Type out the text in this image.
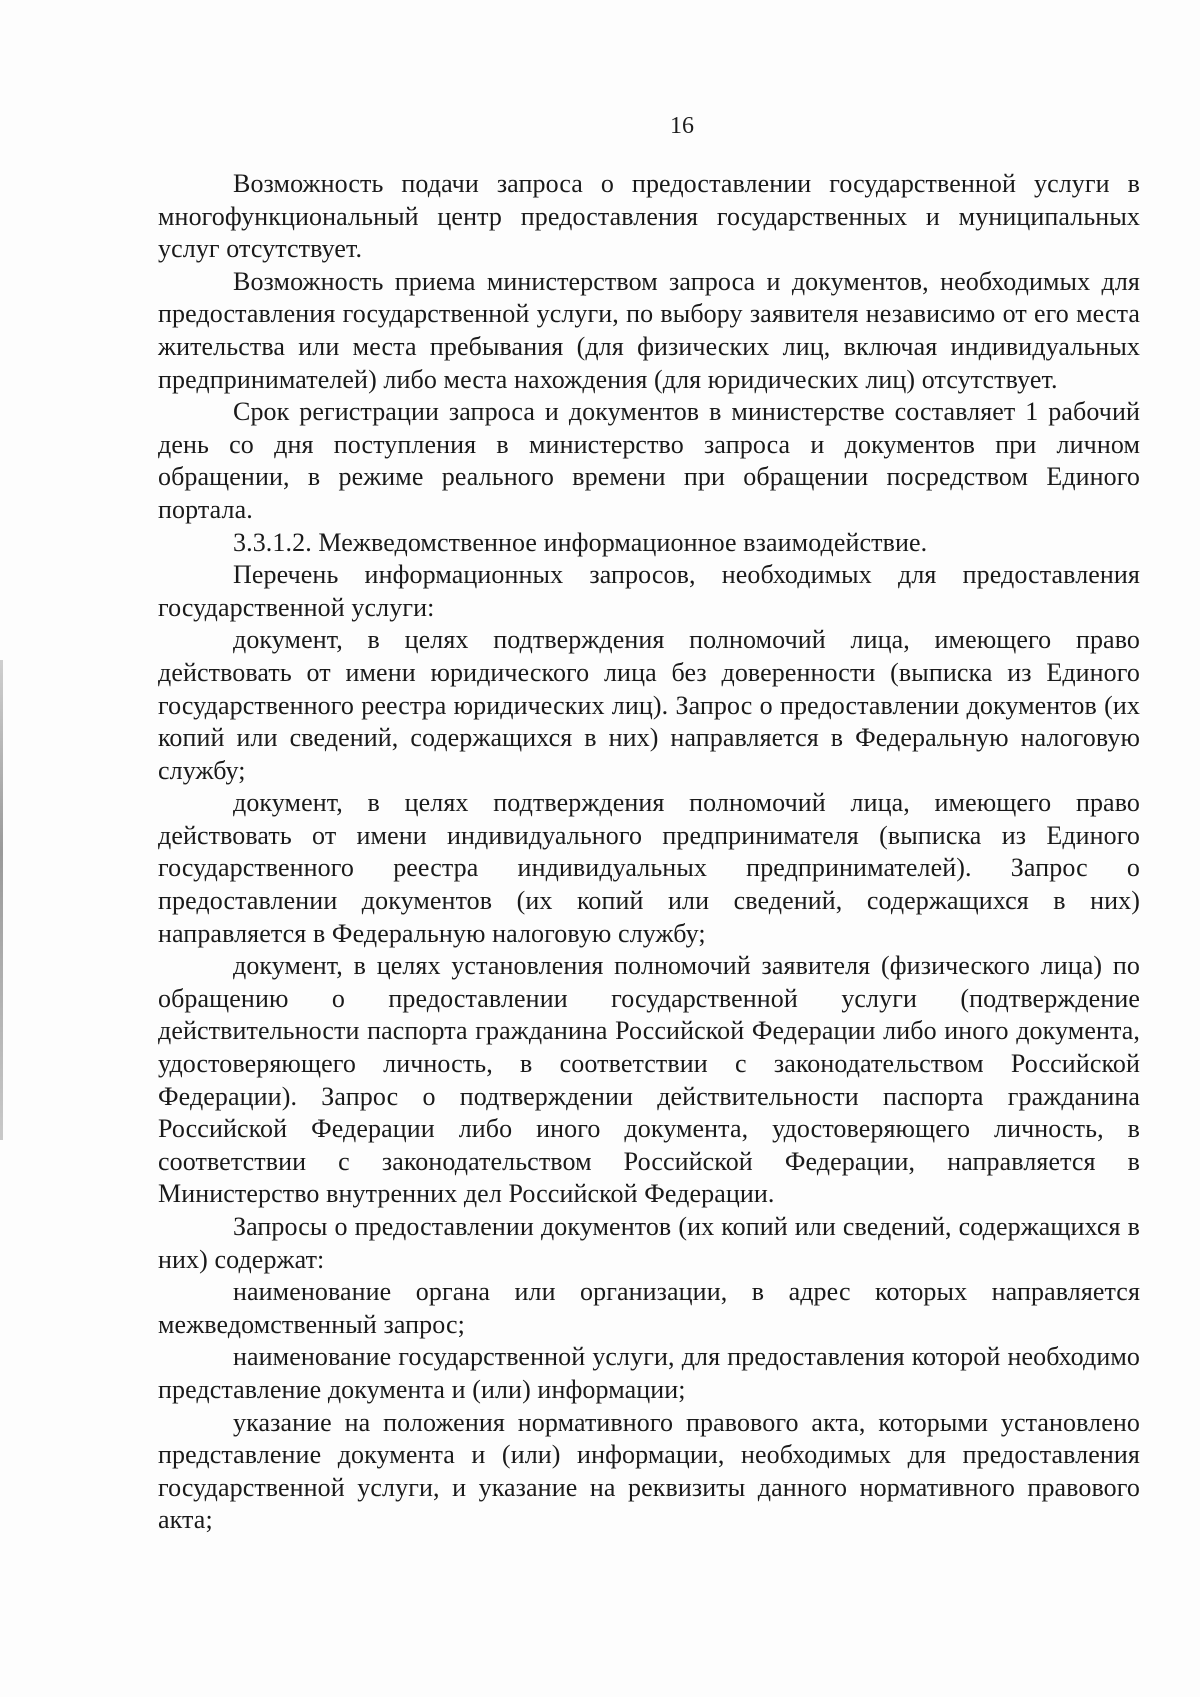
16

Возможность подачи запроса о предоставлении государственной услуги в многофункциональный центр предоставления государственных и муниципальных услуг отсутствует.

Возможность приема министерством запроса и документов, необходимых для предоставления государственной услуги, по выбору заявителя независимо от его места жительства или места пребывания (для физических лиц, включая индивидуальных предпринимателей) либо места нахождения (для юридических лиц) отсутствует.

Срок регистрации запроса и документов в министерстве составляет 1 рабочий день со дня поступления в министерство запроса и документов при личном обращении, в режиме реального времени при обращении посредством Единого портала.

3.3.1.2. Межведомственное информационное взаимодействие.

Перечень информационных запросов, необходимых для предоставления государственной услуги:

документ, в целях подтверждения полномочий лица, имеющего право действовать от имени юридического лица без доверенности (выписка из Единого государственного реестра юридических лиц). Запрос о предоставлении документов (их копий или сведений, содержащихся в них) направляется в Федеральную налоговую службу;

документ, в целях подтверждения полномочий лица, имеющего право действовать от имени индивидуального предпринимателя (выписка из Единого государственного реестра индивидуальных предпринимателей). Запрос о предоставлении документов (их копий или сведений, содержащихся в них) направляется в Федеральную налоговую службу;

документ, в целях установления полномочий заявителя (физического лица) по обращению о предоставлении государственной услуги (подтверждение действительности паспорта гражданина Российской Федерации либо иного документа, удостоверяющего личность, в соответствии с законодательством Российской Федерации). Запрос о подтверждении действительности паспорта гражданина Российской Федерации либо иного документа, удостоверяющего личность, в соответствии с законодательством Российской Федерации, направляется в Министерство внутренних дел Российской Федерации.

Запросы о предоставлении документов (их копий или сведений, содержащихся в них) содержат:

наименование органа или организации, в адрес которых направляется межведомственный запрос;

наименование государственной услуги, для предоставления которой необходимо представление документа и (или) информации;

указание на положения нормативного правового акта, которыми установлено представление документа и (или) информации, необходимых для предоставления государственной услуги, и указание на реквизиты данного нормативного правового акта;
